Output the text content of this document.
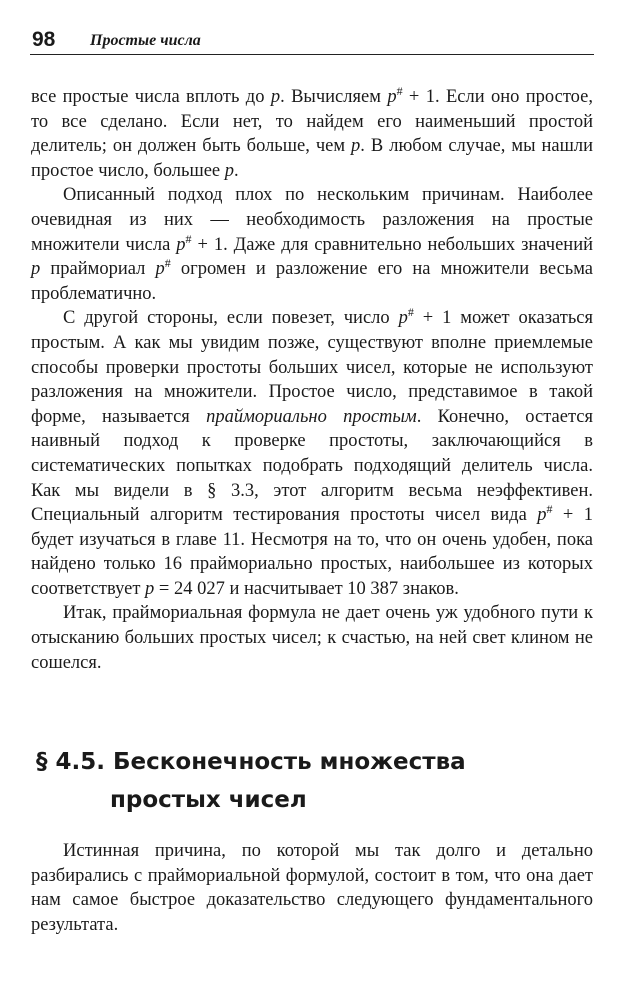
98 Простые числа

все простые числа вплоть до p. Вычисляем p# + 1. Если оно простое, то все сделано. Если нет, то найдем его наименьший простой делитель; он должен быть больше, чем p. В любом случае, мы нашли простое число, большее p.

Описанный подход плох по нескольким причинам. Наиболее очевидная из них — необходимость разложения на простые множители числа p# + 1. Даже для сравнительно небольших значений p праймориал p# огромен и разложение его на множители весьма проблематично.

С другой стороны, если повезет, число p# + 1 может оказаться простым. А как мы увидим позже, существуют вполне приемлемые способы проверки простоты больших чисел, которые не используют разложения на множители. Простое число, представимое в такой форме, называется праймориально простым. Конечно, остается наивный подход к проверке простоты, заключающийся в систематических попытках подобрать подходящий делитель числа. Как мы видели в § 3.3, этот алгоритм весьма неэффективен. Специальный алгоритм тестирования простоты чисел вида p# + 1 будет изучаться в главе 11. Несмотря на то, что он очень удобен, пока найдено только 16 праймориально простых, наибольшее из которых соответствует p = 24 027 и насчитывает 10 387 знаков.

Итак, праймориальная формула не дает очень уж удобного пути к отысканию больших простых чисел; к счастью, на ней свет клином не сошелся.

§ 4.5. Бесконечность множества
простых чисел

Истинная причина, по которой мы так долго и детально разбирались с праймориальной формулой, состоит в том, что она дает нам самое быстрое доказательство следующего фундаментального результата.
